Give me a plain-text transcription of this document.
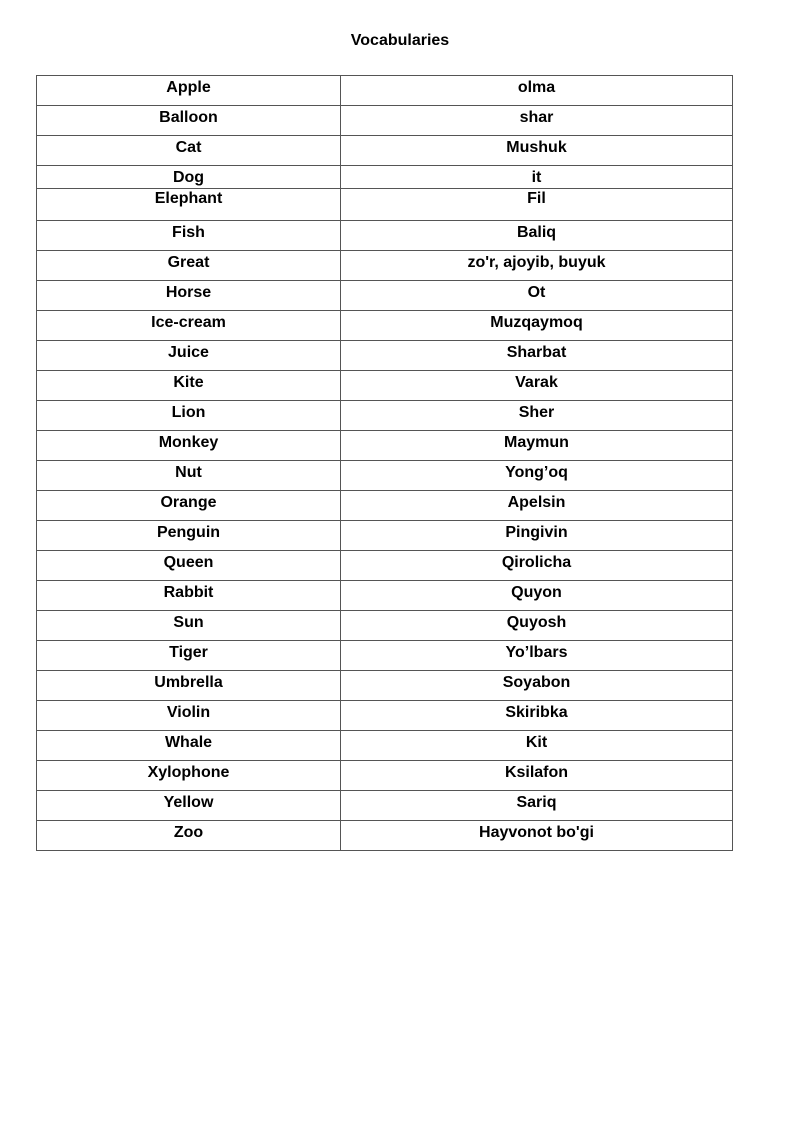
Vocabularies
Apple	olma
Balloon	shar
Cat	Mushuk
Dog	it
Elephant	Fil
Fish	Baliq
Great	zo'r, ajoyib, buyuk
Horse	Ot
Ice-cream	Muzqaymoq
Juice	Sharbat
Kite	Varak
Lion	Sher
Monkey	Maymun
Nut	Yong’oq
Orange	Apelsin
Penguin	Pingivin
Queen	Qirolicha
Rabbit	Quyon
Sun	Quyosh
Tiger	Yo’lbars
Umbrella	Soyabon
Violin	Skiribka
Whale	Kit
Xylophone	Ksilafon
Yellow	Sariq
Zoo	Hayvonot bo'gi
